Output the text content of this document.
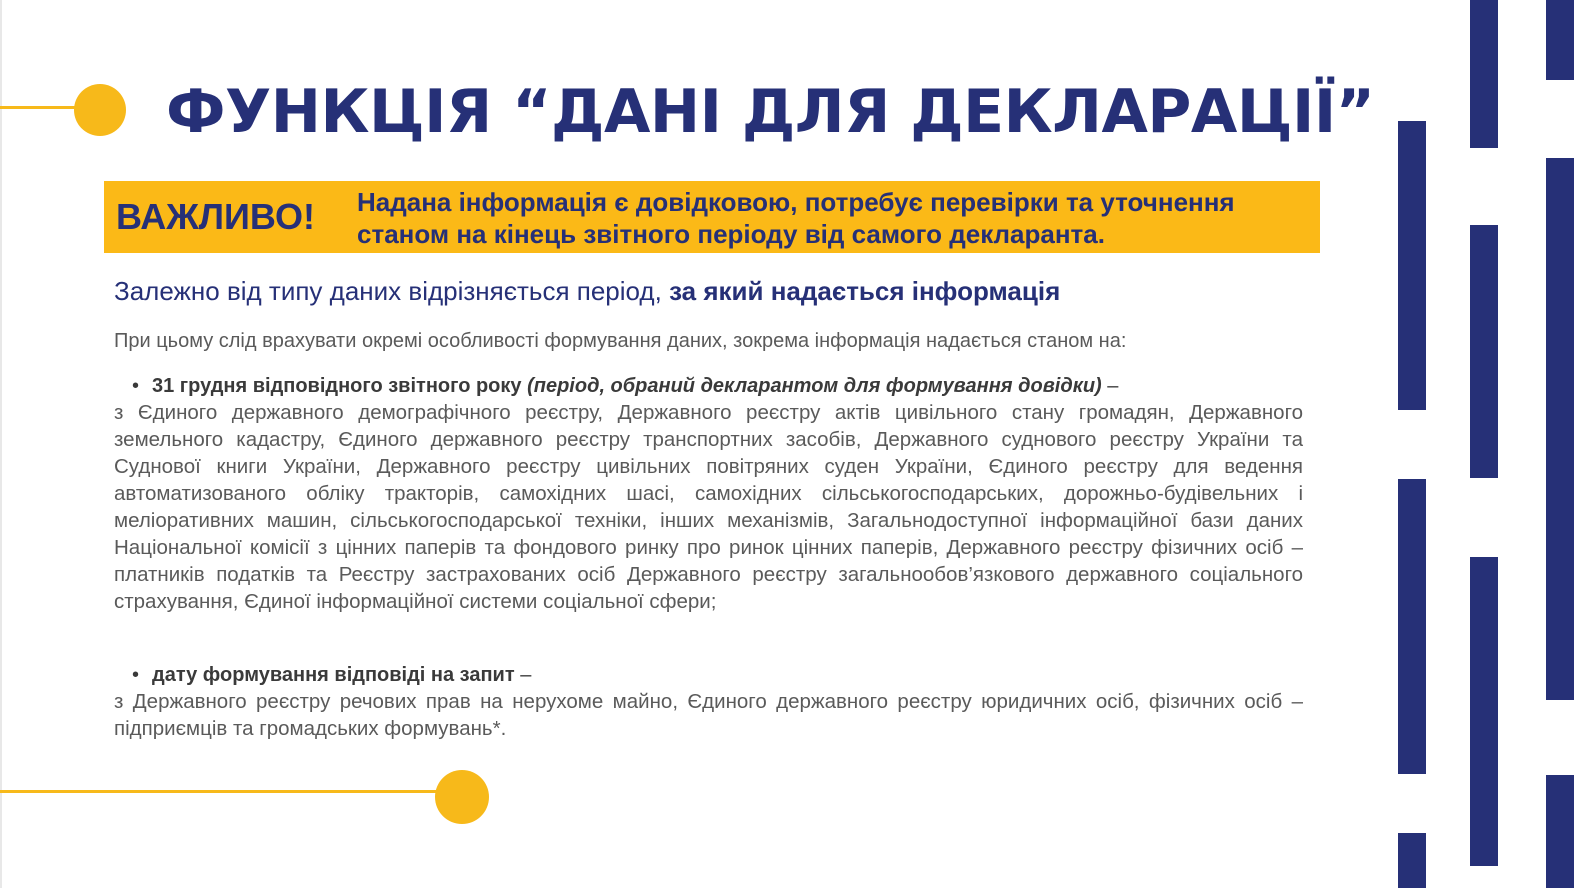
ФУНКЦІЯ “ДАНІ ДЛЯ ДЕКЛАРАЦІЇ”
ВАЖЛИВО! Надана інформація є довідковою, потребує перевірки та уточнення станом на кінець звітного періоду від самого декларанта.

Залежно від типу даних відрізняється період, за який надається інформація

При цьому слід врахувати окремі особливості формування даних, зокрема інформація надається станом на:

• 31 грудня відповідного звітного року (період, обраний декларантом для формування довідки) –

з Єдиного державного демографічного реєстру, Державного реєстру актів цивільного стану громадян, Державного земельного кадастру, Єдиного державного реєстру транспортних засобів, Державного суднового реєстру України та Суднової книги України, Державного реєстру цивільних повітряних суден України, Єдиного реєстру для ведення автоматизованого обліку тракторів, самохідних шасі, самохідних сільськогосподарських, дорожньо-будівельних і меліоративних машин, сільськогосподарської техніки, інших механізмів, Загальнодоступної інформаційної бази даних Національної комісії з цінних паперів та фондового ринку про ринок цінних паперів, Державного реєстру фізичних осіб – платників податків та Реєстру застрахованих осіб Державного реєстру загальнообов’язкового державного соціального страхування, Єдиної інформаційної системи соціальної сфери;

• дату формування відповіді на запит –

з Державного реєстру речових прав на нерухоме майно, Єдиного державного реєстру юридичних осіб, фізичних осіб – підприємців та громадських формувань*.
